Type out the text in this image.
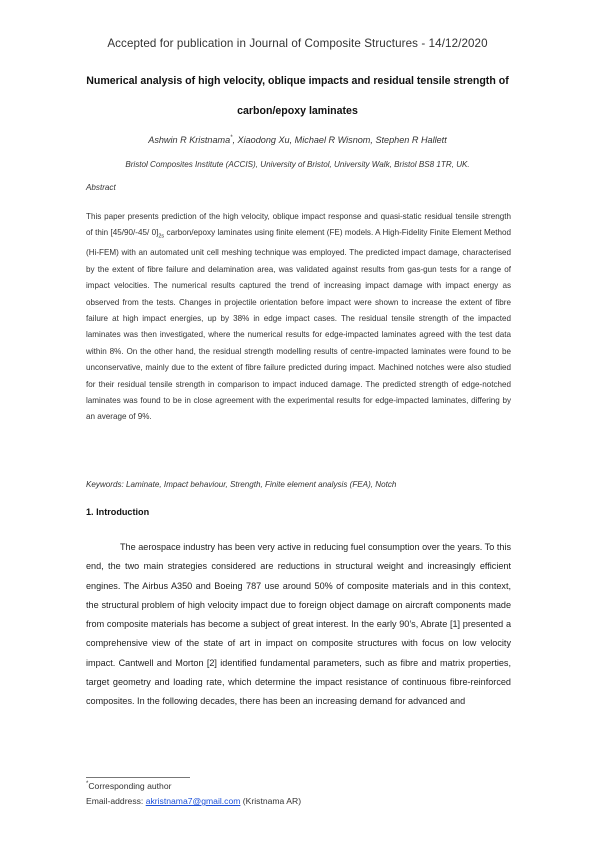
Accepted for publication in Journal of Composite Structures - 14/12/2020
Numerical analysis of high velocity, oblique impacts and residual tensile strength of carbon/epoxy laminates
Ashwin R Kristnama*, Xiaodong Xu, Michael R Wisnom, Stephen R Hallett
Bristol Composites Institute (ACCIS), University of Bristol, University Walk, Bristol BS8 1TR, UK.
Abstract

This paper presents prediction of the high velocity, oblique impact response and quasi-static residual tensile strength of thin [45/90/-45/ $0]_{2s}$ carbon/epoxy laminates using finite element (FE) models. A High-Fidelity Finite Element Method (Hi-FEM) with an automated unit cell meshing technique was employed. The predicted impact damage, characterised by the extent of fibre failure and delamination area, was validated against results from gas-gun tests for a range of impact velocities. The numerical results captured the trend of increasing impact damage with impact energy as observed from the tests. Changes in projectile orientation before impact were shown to increase the extent of fibre failure at high impact energies, up by 38% in edge impact cases. The residual tensile strength of the impacted laminates was then investigated, where the numerical results for edge-impacted laminates agreed with the test data within 8%. On the other hand, the residual strength modelling results of centre-impacted laminates were found to be unconservative, mainly due to the extent of fibre failure predicted during impact. Machined notches were also studied for their residual tensile strength in comparison to impact induced damage. The predicted strength of edge-notched laminates was found to be in close agreement with the experimental results for edge-impacted laminates, differing by an average of 9%.

Keywords: Laminate, Impact behaviour, Strength, Finite element analysis (FEA), Notch
1. Introduction

The aerospace industry has been very active in reducing fuel consumption over the years. To this end, the two main strategies considered are reductions in structural weight and increasingly efficient engines. The Airbus A350 and Boeing 787 use around 50% of composite materials and in this context, the structural problem of high velocity impact due to foreign object damage on aircraft components made from composite materials has become a subject of great interest. In the early 90’s, Abrate [1] presented a comprehensive view of the state of art in impact on composite structures with focus on low velocity impact. Cantwell and Morton [2] identified fundamental parameters, such as fibre and matrix properties, target geometry and loading rate, which determine the impact resistance of continuous fibre-reinforced composites. In the following decades, there has been an increasing demand for advanced and

*Corresponding author
Email-address: akristnama7@gmail.com (Kristnama AR)
